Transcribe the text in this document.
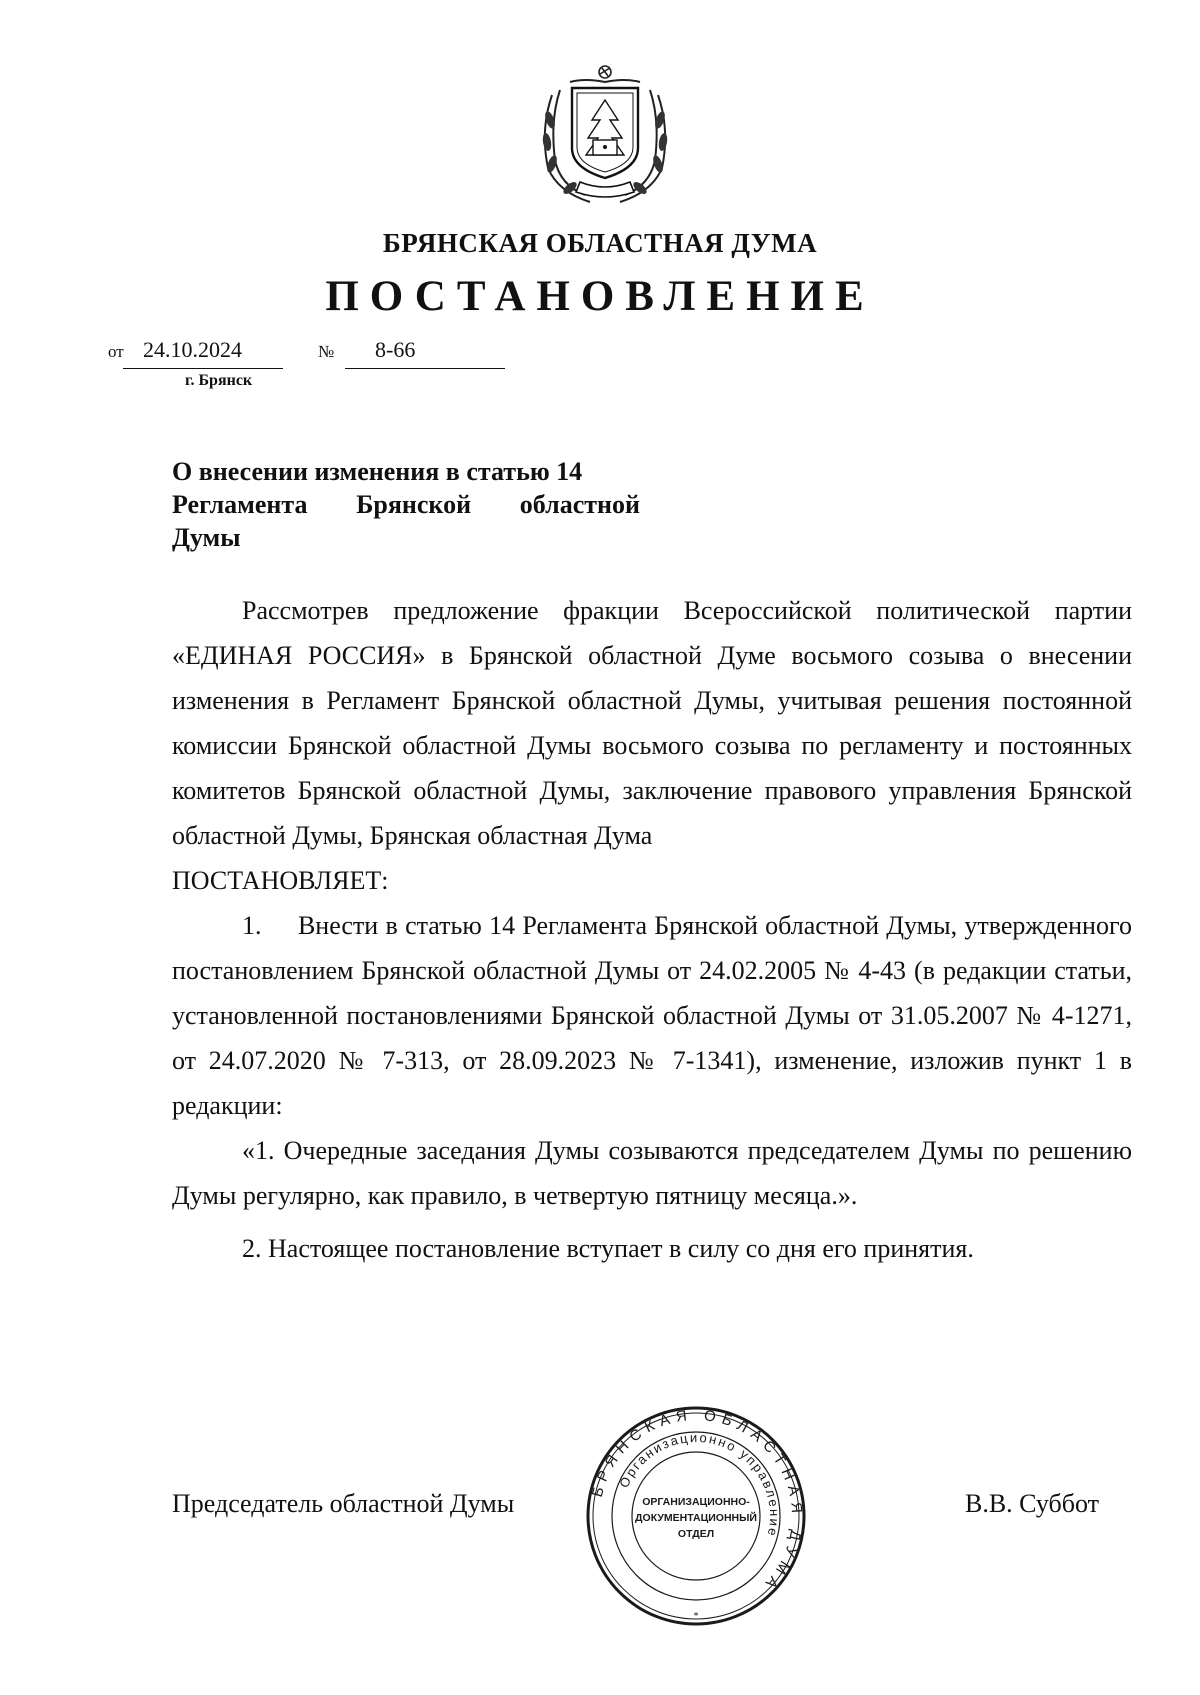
БРЯНСКАЯ ОБЛАСТНАЯ ДУМА
ПОСТАНОВЛЕНИЕ
от 24.10.2024	№ 8-66
г. Брянск
О внесении изменения в статью 14
Регламента Брянской областной
Думы

Рассмотрев предложение фракции Всероссийской политической партии «ЕДИНАЯ РОССИЯ» в Брянской областной Думе восьмого созыва о внесении изменения в Регламент Брянской областной Думы, учитывая решения постоянной комиссии Брянской областной Думы восьмого созыва по регламенту и постоянных комитетов Брянской областной Думы, заключение правового управления Брянской областной Думы, Брянская областная Дума

ПОСТАНОВЛЯЕТ:

1.     Внести в статью 14 Регламента Брянской областной Думы, утвержденного постановлением Брянской областной Думы от 24.02.2005 № 4-43 (в редакции статьи, установленной постановлениями Брянской областной Думы от 31.05.2007 № 4-1271, от 24.07.2020 № 7-313, от 28.09.2023 № 7-1341), изменение, изложив пункт 1 в редакции:

«1. Очередные заседания Думы созываются председателем Думы по решению Думы регулярно, как правило, в четвертую пятницу месяца.».

2. Настоящее постановление вступает в силу со дня его принятия.

Председатель областной Думы	В.В. Суббот
БРЯНСКАЯ ОБЛАСТНАЯ ДУМА
Организационно управление
ОРГАНИЗАЦИОННО-
ДОКУМЕНТАЦИОННЫЙ
ОТДЕЛ
*
